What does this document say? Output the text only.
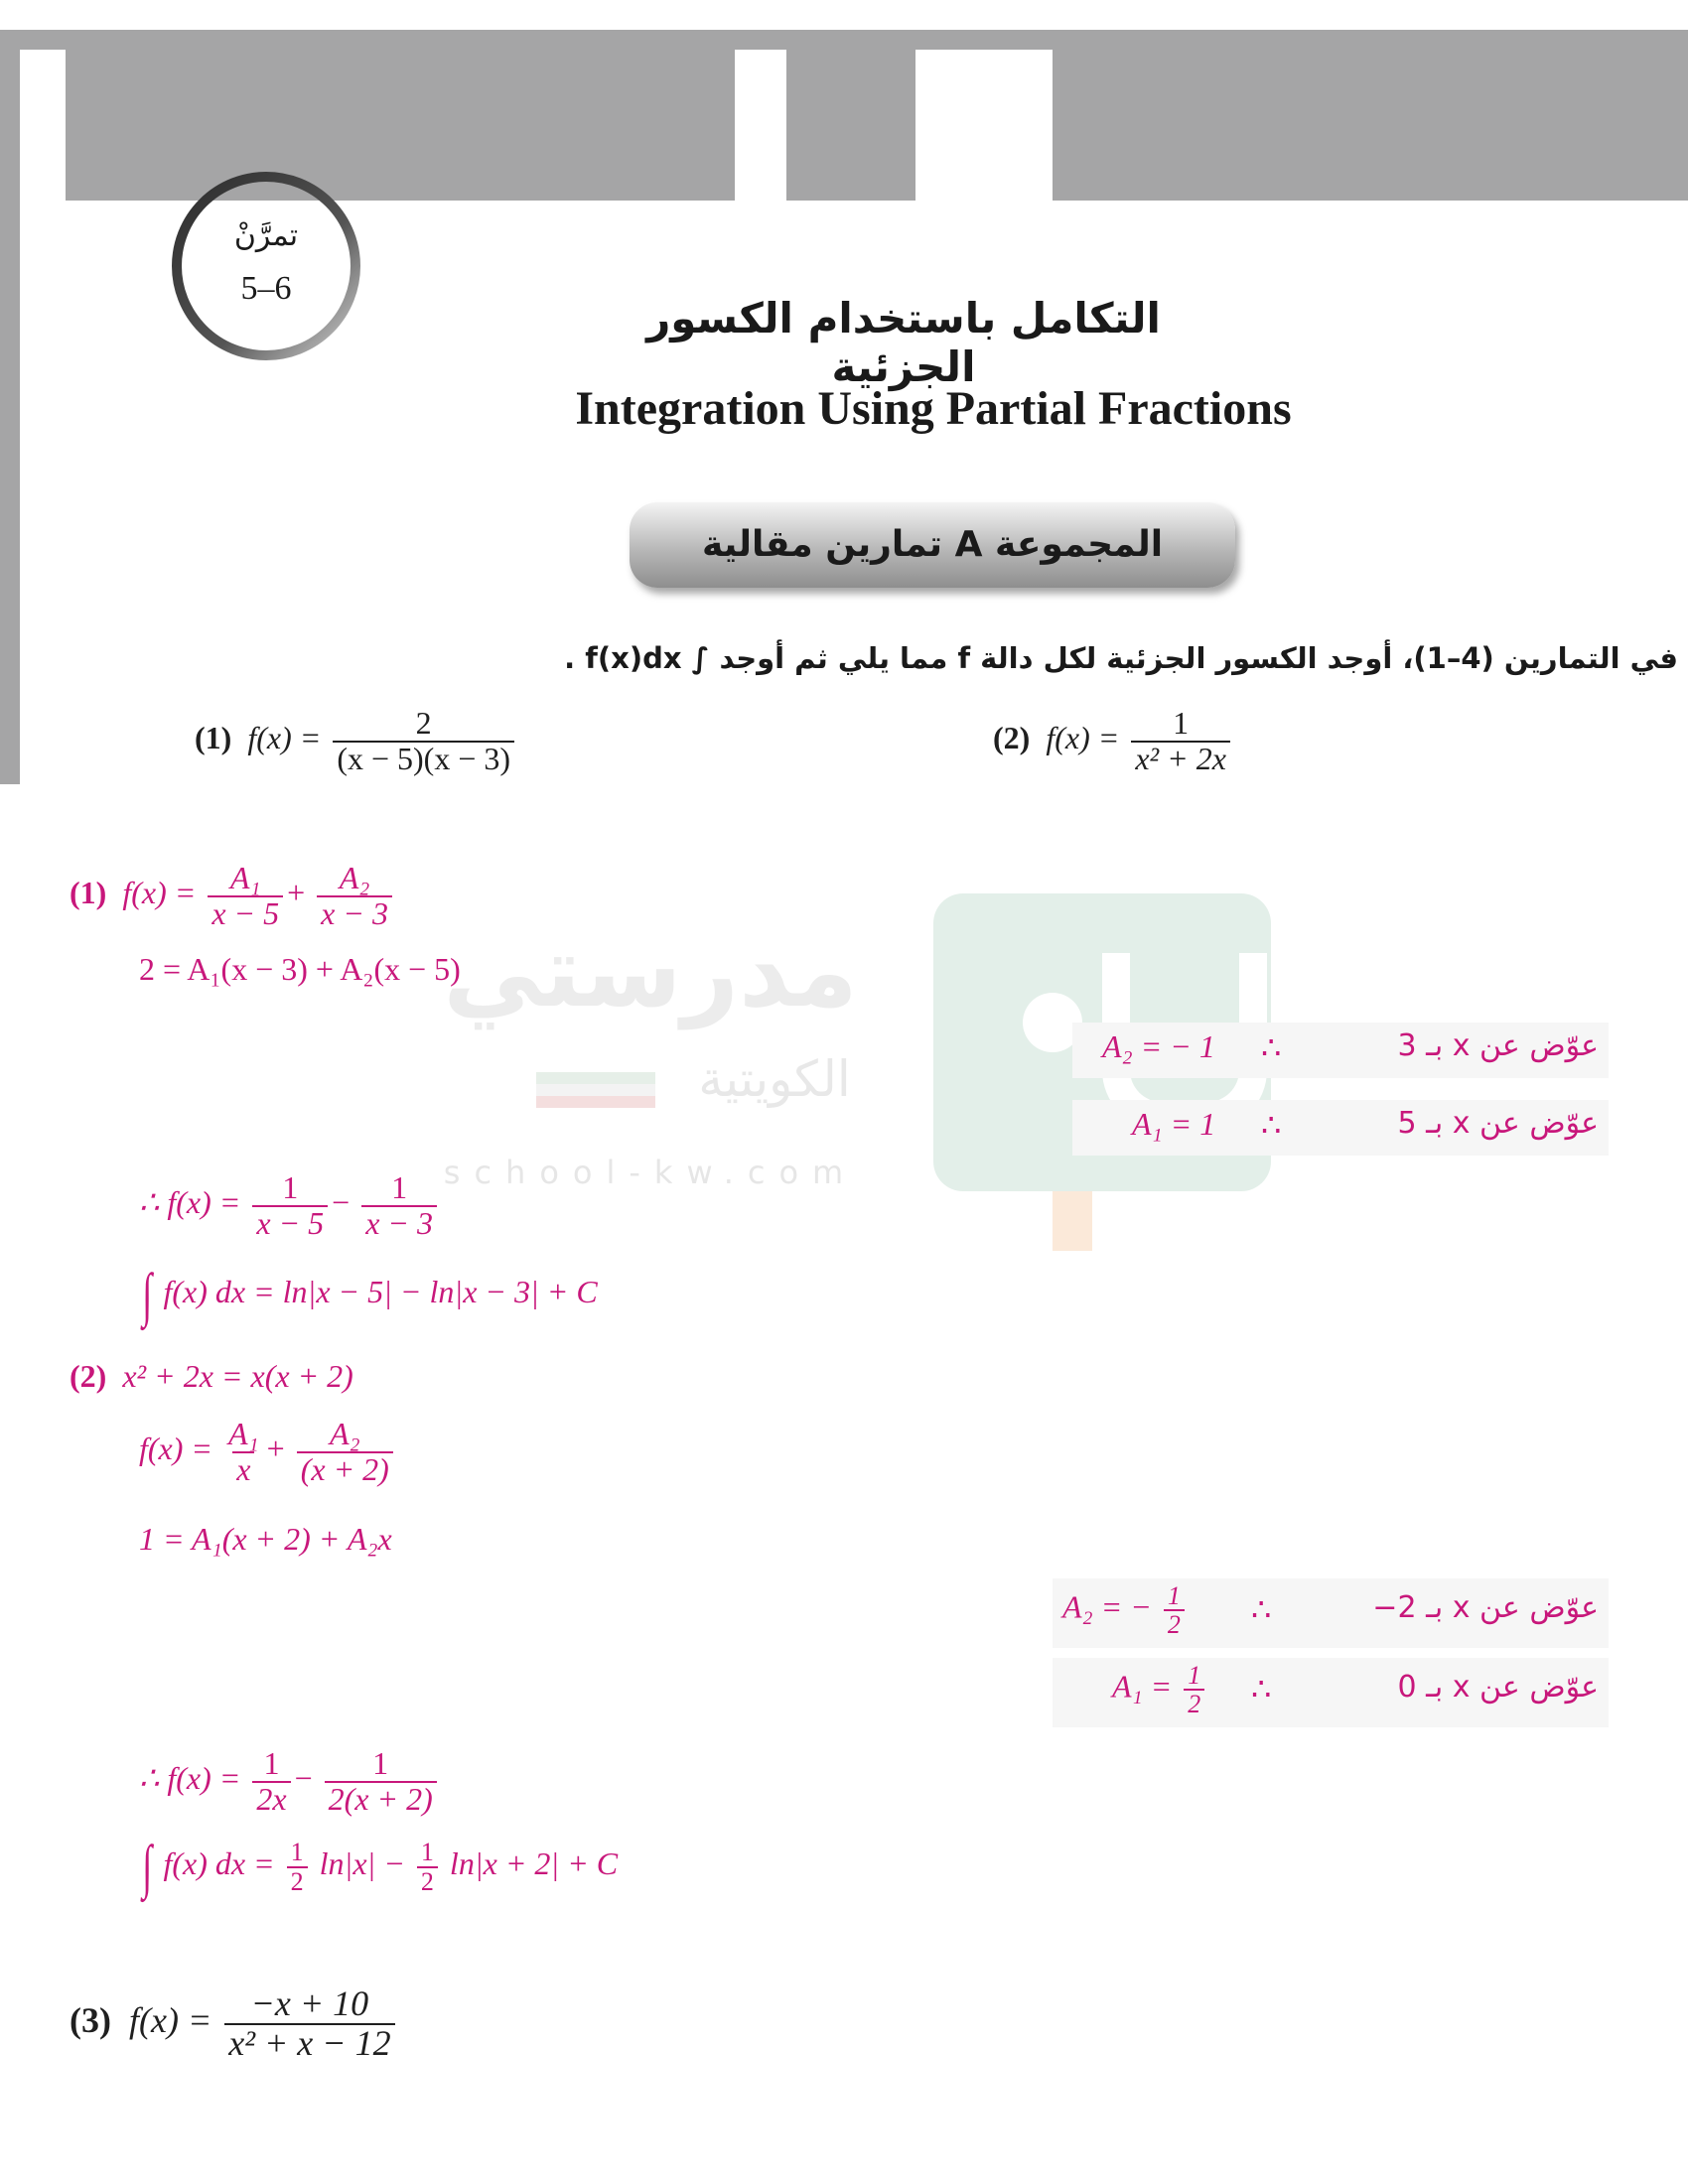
تمرَّنْ
5–6
التكامل باستخدام الكسور الجزئية
Integration Using Partial Fractions
المجموعة A تمارين مقالية
في التمارين (4–1)، أوجد الكسور الجزئية لكل دالة f مما يلي ثم أوجد ∫ f(x)dx .
(1) $f(x) = \frac{2}{(x - 5)(x - 3)}$	(2) $f(x) = \frac{1}{\text{x² + 2x}}$
مدرستي
الكويتية
school-kw.com
(1) $f(x) = \frac{\text{A₁}}{x - 5} + \frac{\text{A₂}}{x - 3}$
2 = A₁(x − 3) + A₂(x − 5)
A₂ = − 1 ∴	عوّض عن x بـ 3
A₁ = 1 ∴	عوّض عن x بـ 5
∴ $f(x) = \frac{1}{x - 5} - \frac{1}{x - 3}$
∫ f(x) dx = ln|x − 5| − ln|x − 3| + C
(2) x² + 2x = x(x + 2)
$f(x) = \frac{\text{A₁}}{x} + \frac{\text{A₂}}{(x + 2)}$
1 = A₁(x + 2) + A₂x
A₂ = − $\frac{1}{2}$ ∴	عوّض عن x بـ 2−
$A_1 = \frac{1}{2}$ ∴	عوّض عن x بـ 0
∴ $f(x) = \frac{1}{2x} - \frac{1}{2(x + 2)}$
∫ f(x) dx = $\frac{1}{2} \ln|x| - \frac{1}{2} \ln|x + 2| + C$
(3) $f(x) = \frac{-x + 10}{\text{x² + x − 12}}$
